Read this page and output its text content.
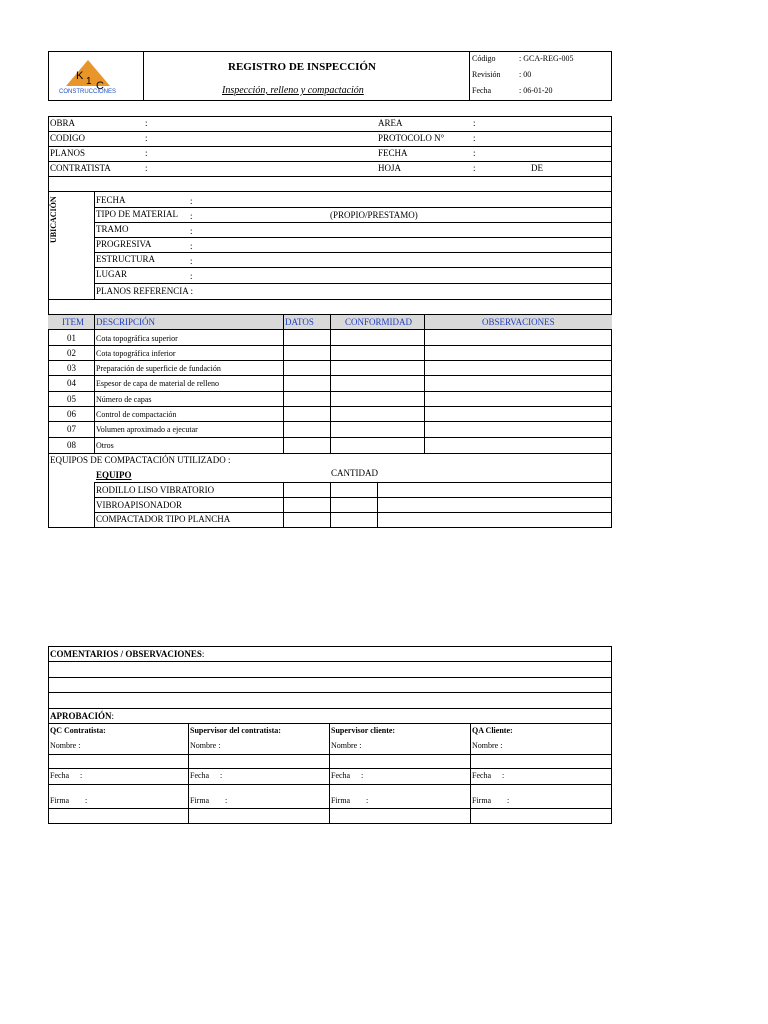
K 1 C
CONSTRUCCIONES
REGISTRO DE INSPECCIÓN
Inspección, relleno y compactación
Código	: GCA-REG-005
Revisión : 00
Fecha	: 06-01-20
OBRA	:
CODIGO	:
PLANOS	:
CONTRATISTA	:
AREA	:
PROTOCOLO N°	:
FECHA	:
HOJA	:	DE
UBICACIÓN	FECHA	:
TIPO DE MATERIAL :	(PROPIO/PRESTAMO)
TRAMO	:
PROGRESIVA	:
ESTRUCTURA	:
LUGAR	:
PLANOS REFERENCIA :
ITEM DESCRIPCIÓN	DATOS	CONFORMIDAD	OBSERVACIONES
01	Cota topográfica superior
02	Cota topográfica inferior
03	Preparación de superficie de fundación
04	Espesor de capa de material de relleno
05	Número de capas
06	Control de compactación
07	Volumen aproximado a ejecutar
08	Otros
EQUIPOS DE COMPACTACIÓN UTILIZADO :
EQUIPO	CANTIDAD
RODILLO LISO VIBRATORIO
VIBROAPISONADOR
COMPACTADOR TIPO PLANCHA
COMENTARIOS / OBSERVACIONES:
APROBACIÓN:
QC Contratista:	Supervisor del contratista:	Supervisor cliente:	QA Cliente:
Nombre :	Nombre :	Nombre :	Nombre :
Fecha :	Fecha :	Fecha :	Fecha :
Firma :	Firma :	Firma :	Firma :
